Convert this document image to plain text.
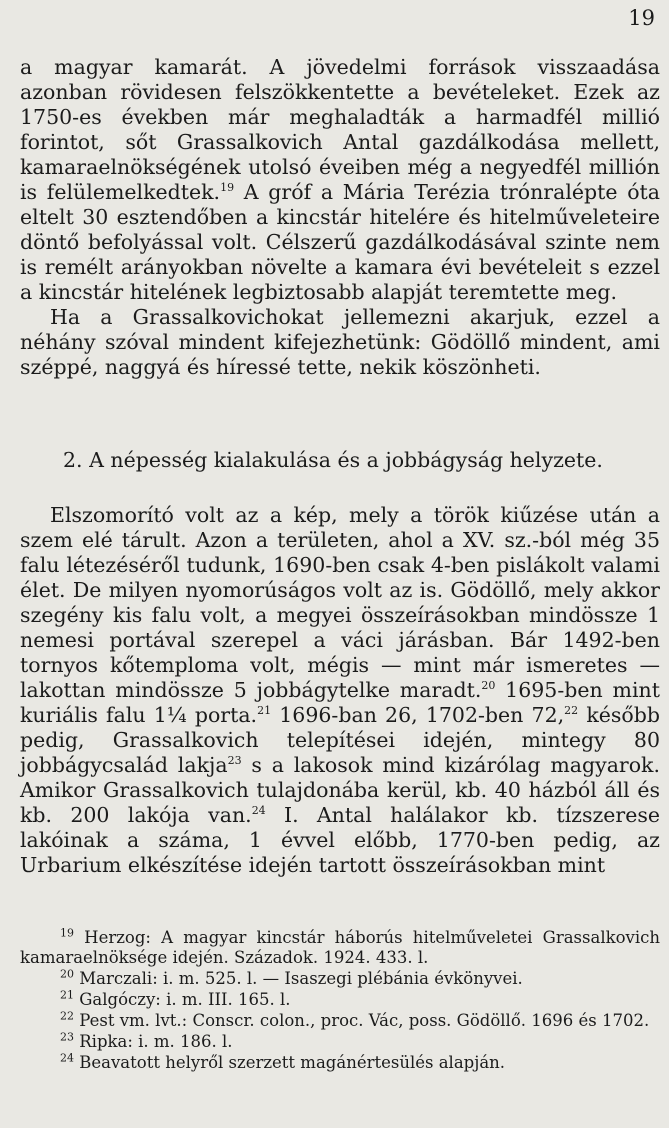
19

a magyar kamarát. A jövedelmi források visszaadása azonban rövidesen felszökkentette a bevételeket. Ezek az 1750-es években már meghaladták a harmadfél millió forintot, sőt Grassalkovich Antal gazdálkodása mellett, kamaraelnökségének utolsó éveiben még a negyedfél millión is felülemelkedtek.$^{19}$ A gróf a Mária Terézia trónralépte óta eltelt 30 esztendőben a kincstár hitelére és hitelműveleteire döntő befolyással volt. Célszerű gazdálkodásával szinte nem is remélt arányokban növelte a kamara évi bevételeit s ezzel a kincstár hitelének legbiztosabb alapját teremtette meg.

Ha a Grassalkovichokat jellemezni akarjuk, ezzel a néhány szóval mindent kifejezhetünk: Gödöllő mindent, ami széppé, naggyá és híressé tette, nekik köszönheti.

2. A népesség kialakulása és a jobbágyság helyzete.

Elszomorító volt az a kép, mely a török kiűzése után a szem elé tárult. Azon a területen, ahol a XV. sz.-ból még 35 falu létezéséről tudunk, 1690-ben csak 4-ben pislákolt valami élet. De milyen nyomorúságos volt az is. Gödöllő, mely akkor szegény kis falu volt, a megyei összeírásokban mindössze 1 nemesi portával szerepel a váci járásban. Bár 1492-ben tornyos kőtemploma volt, mégis — mint már ismeretes — lakottan mindössze 5 jobbágytelke maradt.$^{20}$ 1695-ben mint kuriális falu 1¼ porta.$^{21}$ 1696-ban 26, 1702-ben 72,22 később pedig, Grassalkovich telepítései idején, mintegy 80 jobbágycsalád lakja$^{23}$ s a lakosok mind kizárólag magyarok. Amikor Grassalkovich tulajdonába kerül, kb. 40 házból áll és kb. 200 lakója van.$^{24}$ I. Antal halálakor kb. tízszerese lakóinak a száma, 1 évvel előbb, 1770-ben pedig, az Urbarium elkészítése idején tartott összeírásokban mint

$^{19}$ Herzog: A magyar kincstár háborús hitelműveletei Grassalkovich kamaraelnöksége idején. Századok. 1924. 433. l.

$^{20}$ Marczali: i. m. 525. l. — Isaszegi plébánia évkönyvei.

$^{21}$ Galgóczy: i. m. III. 165. l.

$^{22}$ Pest vm. lvt.: Conscr. colon., proc. Vác, poss. Gödöllő. 1696 és 1702.

$^{23}$ Ripka: i. m. 186. l.

$^{24}$ Beavatott helyről szerzett magánértesülés alapján.
